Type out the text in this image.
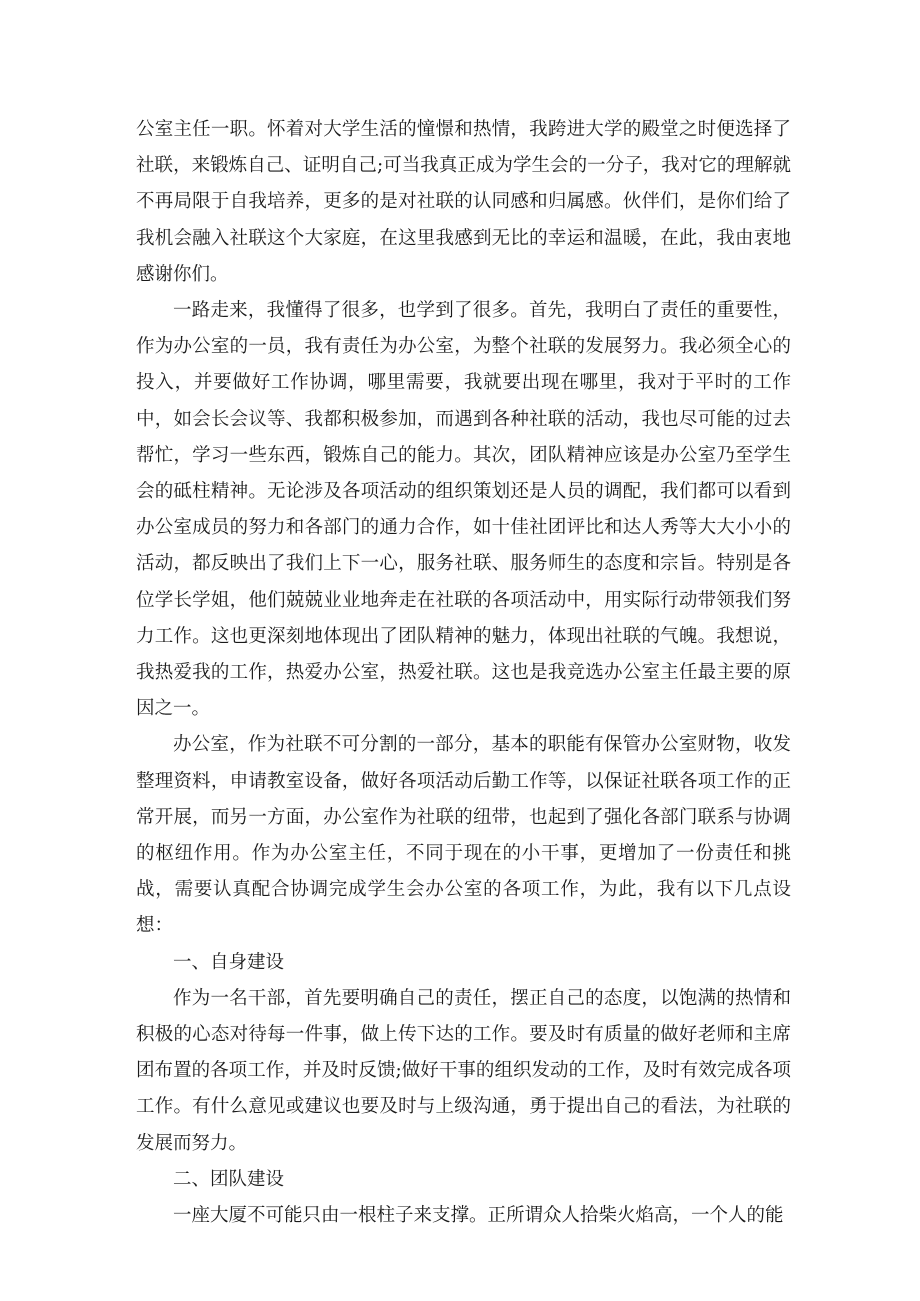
公室主任一职。怀着对大学生活的憧憬和热情，我跨进大学的殿堂之时便选择了社联，来锻炼自己、证明自己;可当我真正成为学生会的一分子，我对它的理解就不再局限于自我培养，更多的是对社联的认同感和归属感。伙伴们，是你们给了我机会融入社联这个大家庭，在这里我感到无比的幸运和温暖，在此，我由衷地感谢你们。

一路走来，我懂得了很多，也学到了很多。首先，我明白了责任的重要性，作为办公室的一员，我有责任为办公室，为整个社联的发展努力。我必须全心的投入，并要做好工作协调，哪里需要，我就要出现在哪里，我对于平时的工作中，如会长会议等、我都积极参加，而遇到各种社联的活动，我也尽可能的过去帮忙，学习一些东西，锻炼自己的能力。其次，团队精神应该是办公室乃至学生会的砥柱精神。无论涉及各项活动的组织策划还是人员的调配，我们都可以看到办公室成员的努力和各部门的通力合作，如十佳社团评比和达人秀等大大小小的活动，都反映出了我们上下一心，服务社联、服务师生的态度和宗旨。特别是各位学长学姐，他们兢兢业业地奔走在社联的各项活动中，用实际行动带领我们努力工作。这也更深刻地体现出了团队精神的魅力，体现出社联的气魄。我想说，我热爱我的工作，热爱办公室，热爱社联。这也是我竞选办公室主任最主要的原因之一。

办公室，作为社联不可分割的一部分，基本的职能有保管办公室财物，收发整理资料，申请教室设备，做好各项活动后勤工作等，以保证社联各项工作的正常开展，而另一方面，办公室作为社联的纽带，也起到了强化各部门联系与协调的枢纽作用。作为办公室主任，不同于现在的小干事，更增加了一份责任和挑战，需要认真配合协调完成学生会办公室的各项工作，为此，我有以下几点设想：

一、自身建设

作为一名干部，首先要明确自己的责任，摆正自己的态度，以饱满的热情和积极的心态对待每一件事，做上传下达的工作。要及时有质量的做好老师和主席团布置的各项工作，并及时反馈;做好干事的组织发动的工作，及时有效完成各项工作。有什么意见或建议也要及时与上级沟通，勇于提出自己的看法，为社联的发展而努力。

二、团队建设

一座大厦不可能只由一根柱子来支撑。正所谓众人拾柴火焰高，一个人的能
